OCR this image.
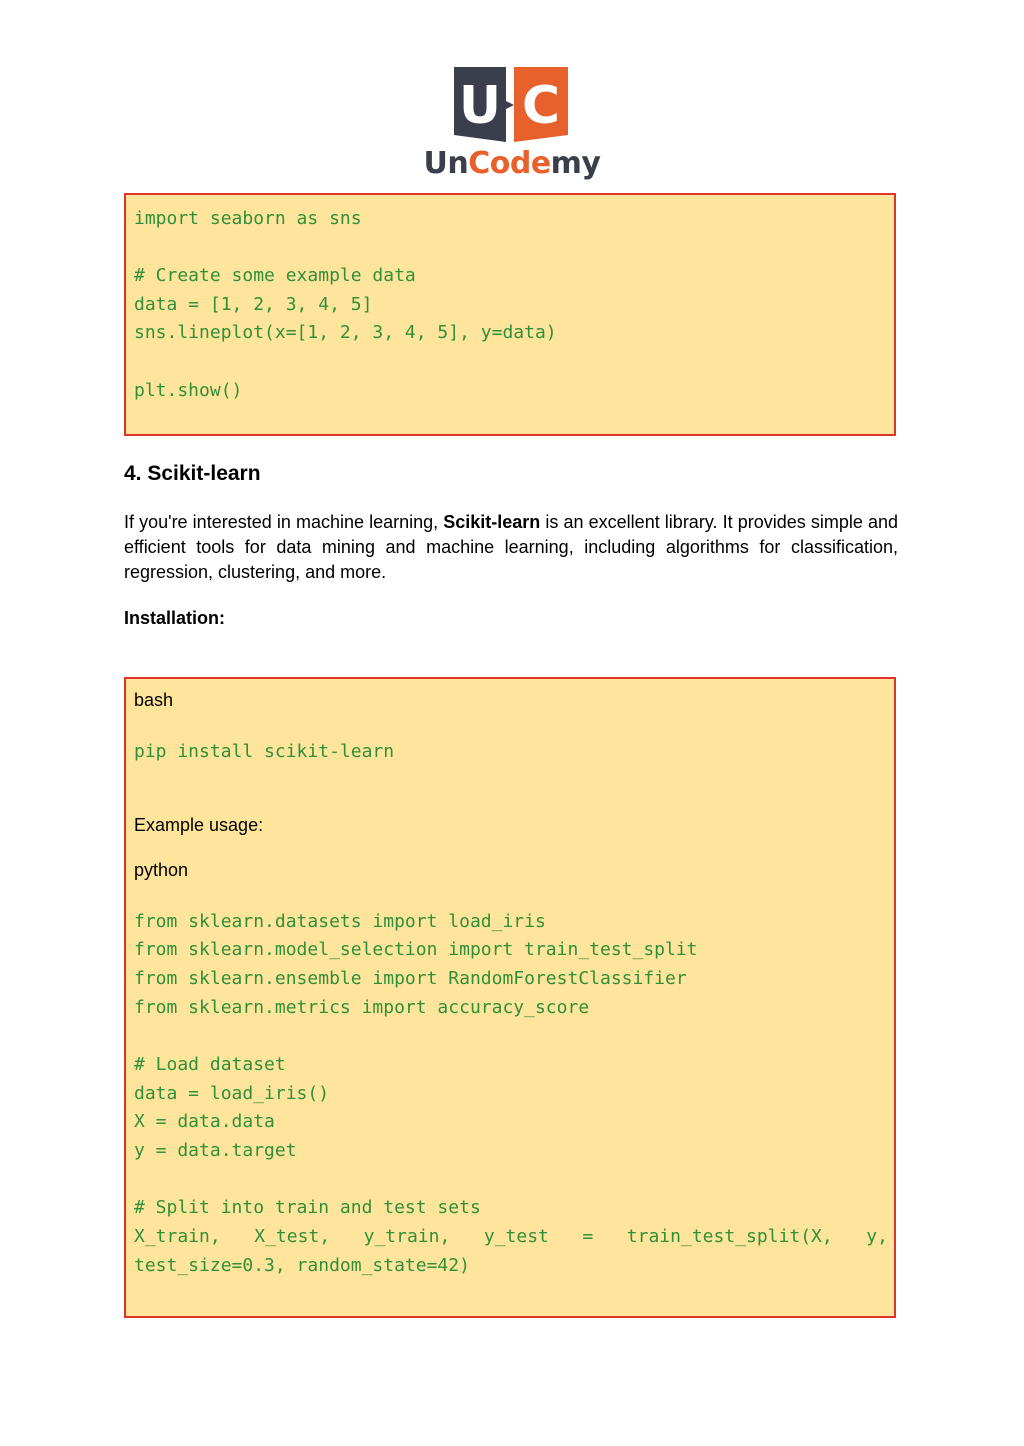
U C
UnCodemy
import seaborn as sns
# Create some example data
data = [1, 2, 3, 4, 5]
sns.lineplot(x=[1, 2, 3, 4, 5], y=data)
plt.show()
4. Scikit-learn
If you're interested in machine learning, Scikit-learn is an excellent library. It provides simple and efficient tools for data mining and machine learning, including algorithms for classification, regression, clustering, and more.
Installation:
bash
pip install scikit-learn
Example usage:
python
from sklearn.datasets import load_iris
from sklearn.model_selection import train_test_split
from sklearn.ensemble import RandomForestClassifier
from sklearn.metrics import accuracy_score
# Load dataset
data = load_iris()
X = data.data
y = data.target
# Split into train and test sets
X_train, X_test, y_train, y_test = train_test_split(X, y,
test_size=0.3, random_state=42)
